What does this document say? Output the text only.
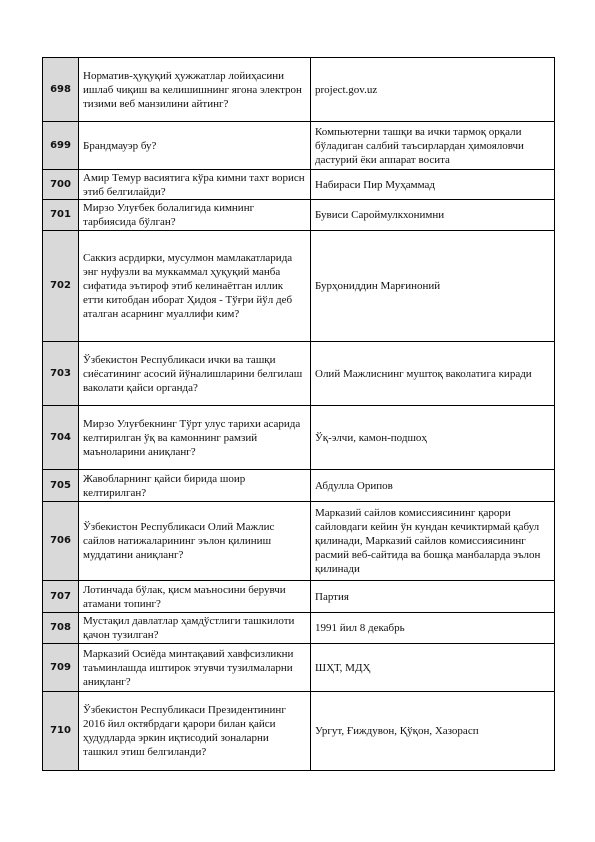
698	Норматив-ҳуқуқий ҳужжатлар лойиҳасини ишлаб чиқиш ва келишишнинг ягона электрон тизими веб манзилини айтинг?	project.gov.uz
699	Брандмауэр бу?	Компьютерни ташқи ва ички тармоқ орқали бўладиган салбий таъсирлардан ҳимояловчи дастурий ёки аппарат восита
700	Амир Темур васиятига кўра кимни тахт ворисн этиб белгилайди?	Набираси Пир Муҳаммад
701	Мирзо Улуғбек болалигида кимнинг тарбиясида бўлган?	Бувиси Сароймулкхонимни
702	Саккиз асрдирки, мусулмон мамлакатларида энг нуфузли ва муккаммал ҳуқуқий манба сифатида эътироф этиб келинаётган иллик етти китобдан иборат Ҳидоя - Тўғри йўл деб аталган асарнинг муаллифи ким?	Бурҳониддин Марғиноний
703	Ўзбекистон Республикаси ички ва ташқи сиёсатининг асосий йўналишларини белгилаш ваколати қайси органда?	Олий Мажлиснинг муштоқ ваколатига киради
704	Мирзо Улуғбекнинг Тўрт улус тарихи асарида келтирилган ўқ ва камоннинг рамзий маъноларини аниқланг?	Ўқ-элчи, камон-подшоҳ
705	Жавобларнинг қайси бирида шоир келтирилган?	Абдулла Орипов
706	Ўзбекистон Республикаси Олий Мажлис сайлов натижаларининг эълон қилиниш муддатини аниқланг?	Марказий сайлов комиссиясининг қарори сайловдаги кейин ўн кундан кечиктирмай қабул қилинади, Марказий сайлов комиссиясининг расмий веб-сайтида ва бошқа манбаларда эълон қилинади
707	Лотинчада бўлак, қисм маъносини берувчи атамани топинг?	Партия
708	Мустақил давлатлар ҳамдўстлиги ташкилоти қачон тузилган?	1991 йил 8 декабрь
709	Марказий Осиёда минтақавий хавфсизликни таъминлашда иштирок этувчи тузилмаларни аниқланг?	ШҲТ, МДҲ
710	Ўзбекистон Республикаси Президентининг 2016 йил октябрдаги қарори билан қайси ҳудудларда эркин иқтисодий зоналарни ташкил этиш белгиланди?	Ургут, Ғиждувон, Қўқон, Хазорасп
